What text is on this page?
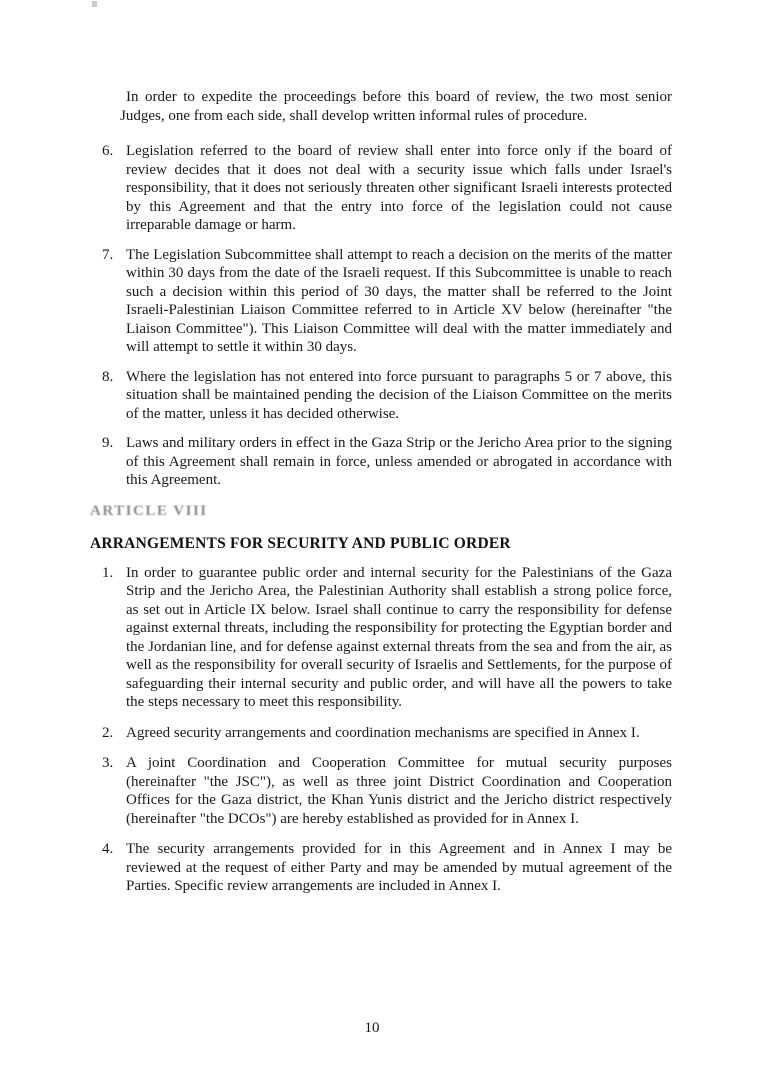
In order to expedite the proceedings before this board of review, the two most senior Judges, one from each side, shall develop written informal rules of procedure.

6. Legislation referred to the board of review shall enter into force only if the board of review decides that it does not deal with a security issue which falls under Israel's responsibility, that it does not seriously threaten other significant Israeli interests protected by this Agreement and that the entry into force of the legislation could not cause irreparable damage or harm.
7. The Legislation Subcommittee shall attempt to reach a decision on the merits of the matter within 30 days from the date of the Israeli request. If this Subcommittee is unable to reach such a decision within this period of 30 days, the matter shall be referred to the Joint Israeli-Palestinian Liaison Committee referred to in Article XV below (hereinafter "the Liaison Committee"). This Liaison Committee will deal with the matter immediately and will attempt to settle it within 30 days.
8. Where the legislation has not entered into force pursuant to paragraphs 5 or 7 above, this situation shall be maintained pending the decision of the Liaison Committee on the merits of the matter, unless it has decided otherwise.
9. Laws and military orders in effect in the Gaza Strip or the Jericho Area prior to the signing of this Agreement shall remain in force, unless amended or abrogated in accordance with this Agreement.
ARTICLE VIII
ARRANGEMENTS FOR SECURITY AND PUBLIC ORDER
1. In order to guarantee public order and internal security for the Palestinians of the Gaza Strip and the Jericho Area, the Palestinian Authority shall establish a strong police force, as set out in Article IX below. Israel shall continue to carry the responsibility for defense against external threats, including the responsibility for protecting the Egyptian border and the Jordanian line, and for defense against external threats from the sea and from the air, as well as the responsibility for overall security of Israelis and Settlements, for the purpose of safeguarding their internal security and public order, and will have all the powers to take the steps necessary to meet this responsibility.
2. Agreed security arrangements and coordination mechanisms are specified in Annex I.
3. A joint Coordination and Cooperation Committee for mutual security purposes (hereinafter "the JSC"), as well as three joint District Coordination and Cooperation Offices for the Gaza district, the Khan Yunis district and the Jericho district respectively (hereinafter "the DCOs") are hereby established as provided for in Annex I.
4. The security arrangements provided for in this Agreement and in Annex I may be reviewed at the request of either Party and may be amended by mutual agreement of the Parties. Specific review arrangements are included in Annex I.
10
